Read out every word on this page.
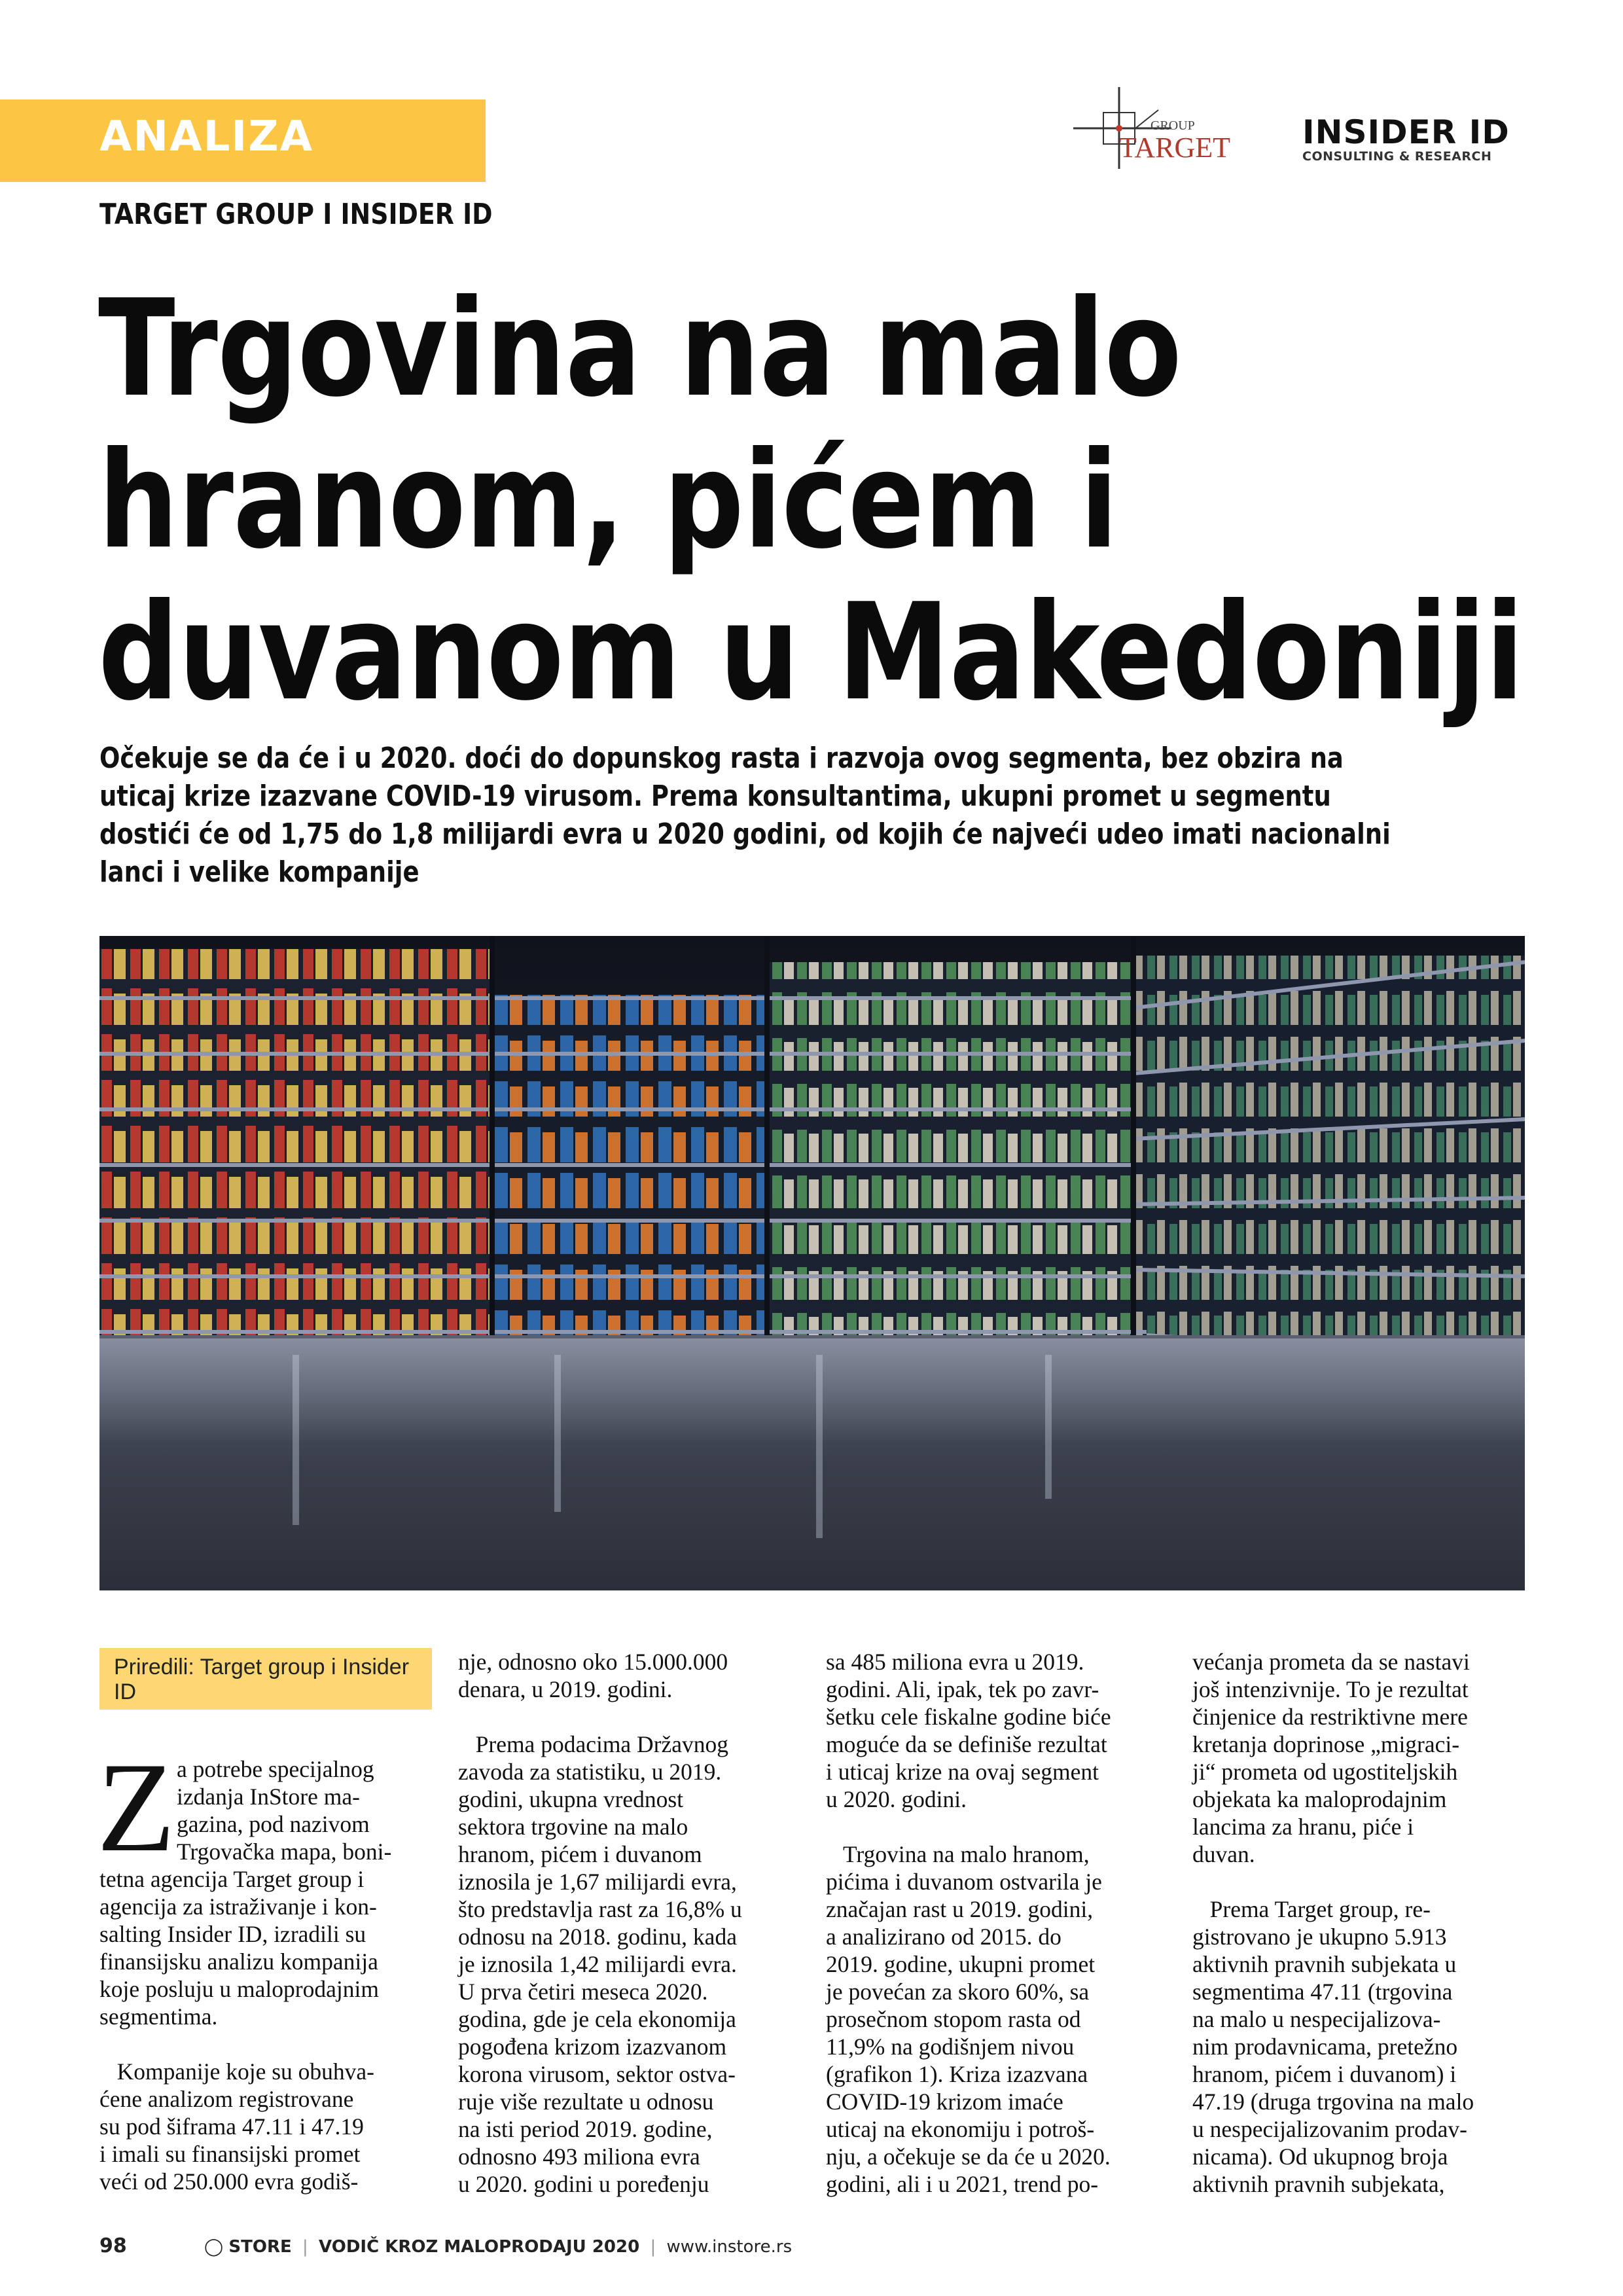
ANALIZA	GROUP
TARGET INSIDER ID
CONSULTING & RESEARCH
TARGET GROUP I INSIDER ID
Trgovina na malo
hranom, pićem i
duvanom u Makedoniji
Očekuje se da će i u 2020. doći do dopunskog rasta i razvoja ovog segmenta, bez obzira na
uticaj krize izazvane COVID-19 virusom. Prema konsultantima, ukupni promet u segmentu
dostići će od 1,75 do 1,8 milijardi evra u 2020 godini, od kojih će najveći udeo imati nacionalni
lanci i velike kompanije
Priredili: Target group i Insider ID
Z a potrebe specijalnog
izdanja InStore ma-
gazina, pod nazivom
Trgovačka mapa, boni-
tetna agencija Target group i
agencija za istraživanje i kon-
salting Insider ID, izradili su
finansijsku analizu kompanija
koje posluju u maloprodajnim
segmentima.
Kompanije koje su obuhva-
ćene analizom registrovane
su pod šiframa 47.11 i 47.19
i imali su finansijski promet
veći od 250.000 evra godiš-
nje, odnosno oko 15.000.000
denara, u 2019. godini.
Prema podacima Državnog
zavoda za statistiku, u 2019.
godini, ukupna vrednost
sektora trgovine na malo
hranom, pićem i duvanom
iznosila je 1,67 milijardi evra,
što predstavlja rast za 16,8% u
odnosu na 2018. godinu, kada
je iznosila 1,42 milijardi evra.
U prva četiri meseca 2020.
godina, gde je cela ekonomija
pogođena krizom izazvanom
korona virusom, sektor ostva-
ruje više rezultate u odnosu
na isti period 2019. godine,
odnosno 493 miliona evra
u 2020. godini u poređenju
sa 485 miliona evra u 2019.
godini. Ali, ipak, tek po zavr-
šetku cele fiskalne godine biće
moguće da se definiše rezultat
i uticaj krize na ovaj segment
u 2020. godini.
Trgovina na malo hranom,
pićima i duvanom ostvarila je
značajan rast u 2019. godini,
a analizirano od 2015. do
2019. godine, ukupni promet
je povećan za skoro 60%, sa
prosečnom stopom rasta od
11,9% na godišnjem nivou
(grafikon 1). Kriza izazvana
COVID-19 krizom imaće
uticaj na ekonomiju i potroš-
nju, a očekuje se da će u 2020.
godini, ali i u 2021, trend po-
većanja prometa da se nastavi
još intenzivnije. To je rezultat
činjenice da restriktivne mere
kretanja doprinose „migraci-
ji“ prometa od ugostiteljskih
objekata ka maloprodajnim
lancima za hranu, piće i
duvan.
Prema Target group, re-
gistrovano je ukupno 5.913
aktivnih pravnih subjekata u
segmentima 47.11 (trgovina
na malo u nespecijalizova-
nim prodavnicama, pretežno
hranom, pićem i duvanom) i
47.19 (druga trgovina na malo
u nespecijalizovanim prodav-
nicama). Od ukupnog broja
aktivnih pravnih subjekata,
98	◯ STORE | VODIČ KROZ MALOPRODAJU 2020 | www.instore.rs
